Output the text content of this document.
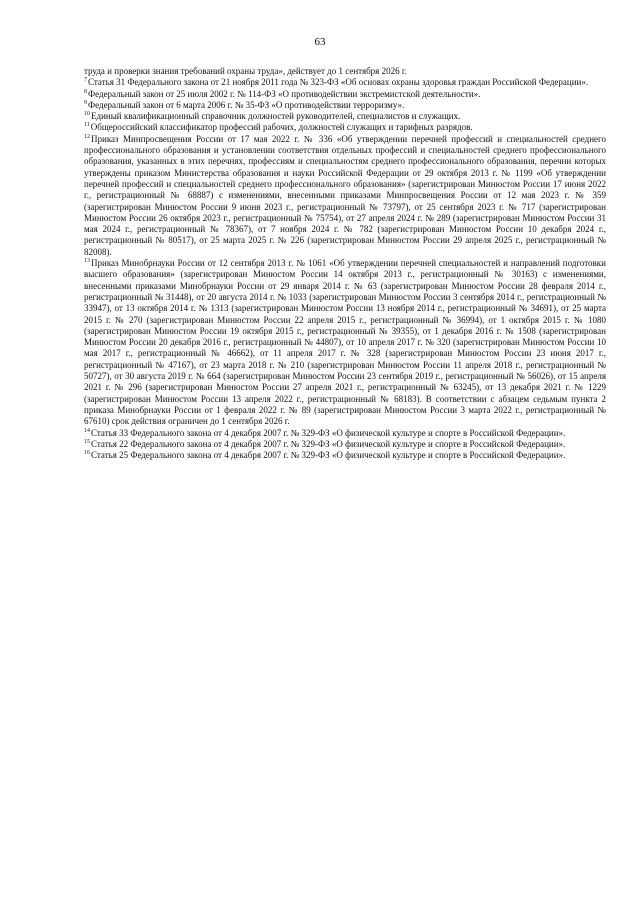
63

труда и проверки знания требований охраны труда», действует до 1 сентября 2026 г.

$^7$Статья 31 Федерального закона от 21 ноября 2011 года № 323-ФЗ «Об основах охраны здоровья граждан Российской Федерации».

$^8$Федеральный закон от 25 июля 2002 г. № 114-ФЗ «О противодействии экстремистской деятельности».

$^9$Федеральный закон от 6 марта 2006 г. № 35-ФЗ «О противодействии терроризму».

$^{10}$Единый квалификационный справочник должностей руководителей, специалистов и служащих.

$^{11}$Общероссийский классификатор профессий рабочих, должностей служащих и тарифных разрядов.

$^{12}$Приказ Минпросвещения России от 17 мая 2022 г. № 336 «Об утверждении перечней профессий и специальностей среднего профессионального образования и установлении соответствия отдельных профессий и специальностей среднего профессионального образования, указанных в этих перечнях, профессиям и специальностям среднего профессионального образования, перечни которых утверждены приказом Министерства образования и науки Российской Федерации от 29 октября 2013 г. № 1199 «Об утверждении перечней профессий и специальностей среднего профессионального образования» (зарегистрирован Минюстом России 17 июня 2022 г., регистрационный № 68887) с изменениями, внесенными приказами Минпросвещения России от 12 мая 2023 г. № 359 (зарегистрирован Минюстом России 9 июня 2023 г., регистрационный № 73797), от 25 сентября 2023 г. № 717 (зарегистрирован Минюстом России 26 октября 2023 г., регистрационный № 75754), от 27 апреля 2024 г. № 289 (зарегистрирован Минюстом России 31 мая 2024 г., регистрационный № 78367), от 7 ноября 2024 г. № 782 (зарегистрирован Минюстом России 10 декабря 2024 г., регистрационный № 80517), от 25 марта 2025 г. № 226 (зарегистрирован Минюстом России 29 апреля 2025 г., регистрационный № 82008).

$^{13}$Приказ Минобрнауки России от 12 сентября 2013 г. № 1061 «Об утверждении перечней специальностей и направлений подготовки высшего образования» (зарегистрирован Минюстом России 14 октября 2013 г., регистрационный № 30163) с изменениями, внесенными приказами Минобрнауки России от 29 января 2014 г. № 63 (зарегистрирован Минюстом России 28 февраля 2014 г., регистрационный № 31448), от 20 августа 2014 г. № 1033 (зарегистрирован Минюстом России 3 сентября 2014 г., регистрационный № 33947), от 13 октября 2014 г. № 1313 (зарегистрирован Минюстом России 13 ноября 2014 г., регистрационный № 34691), от 25 марта 2015 г. № 270 (зарегистрирован Минюстом России 22 апреля 2015 г., регистрационный № 36994), от 1 октября 2015 г. № 1080 (зарегистрирован Минюстом России 19 октября 2015 г., регистрационный № 39355), от 1 декабря 2016 г. № 1508 (зарегистрирован Минюстом России 20 декабря 2016 г., регистрационный № 44807), от 10 апреля 2017 г. № 320 (зарегистрирован Минюстом России 10 мая 2017 г., регистрационный № 46662), от 11 апреля 2017 г. № 328 (зарегистрирован Минюстом России 23 июня 2017 г., регистрационный № 47167), от 23 марта 2018 г. № 210 (зарегистрирован Минюстом России 11 апреля 2018 г., регистрационный № 50727), от 30 августа 2019 г. № 664 (зарегистрирован Минюстом России 23 сентября 2019 г., регистрационный № 56026), от 15 апреля 2021 г. № 296 (зарегистрирован Минюстом России 27 апреля 2021 г., регистрационный № 63245), от 13 декабря 2021 г. № 1229 (зарегистрирован Минюстом России 13 апреля 2022 г., регистрационный № 68183). В соответствии с абзацем седьмым пункта 2 приказа Минобрнауки России от 1 февраля 2022 г. № 89 (зарегистрирован Минюстом России 3 марта 2022 г., регистрационный № 67610) срок действия ограничен до 1 сентября 2026 г.

$^{14}$Статья 33 Федерального закона от 4 декабря 2007 г. № 329-ФЗ «О физической культуре и спорте в Российской Федерации».

$^{15}$Статья 22 Федерального закона от 4 декабря 2007 г. № 329-ФЗ «О физической культуре и спорте в Российской Федерации».

$^{16}$Статья 25 Федерального закона от 4 декабря 2007 г. № 329-ФЗ «О физической культуре и спорте в Российской Федерации».
